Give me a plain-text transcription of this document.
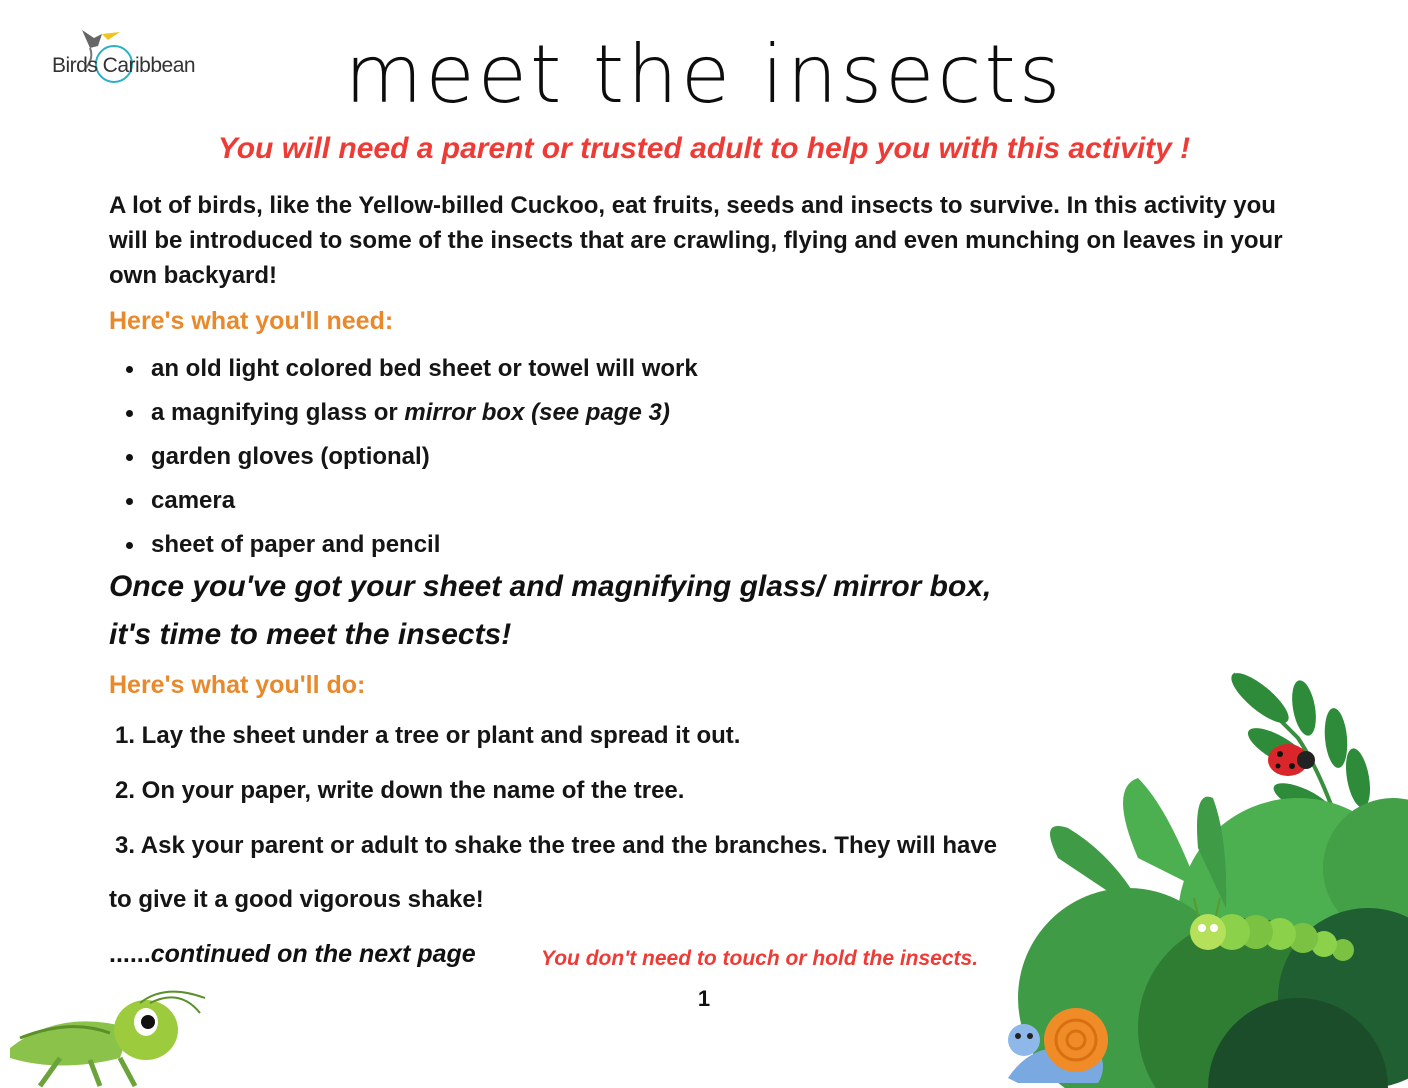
Birds Caribbean	meet the insects
You will need a parent or trusted adult to help you with this activity !
A lot of birds, like the Yellow-billed Cuckoo, eat fruits, seeds and insects to survive. In this activity you will be introduced to some of the insects that are crawling, flying and even munching on leaves in your own backyard!
Here's what you'll need:
an old light colored bed sheet or towel will work
a magnifying glass or mirror box (see page 3)
garden gloves (optional)
camera
sheet of paper and pencil
Once you've got your sheet and magnifying glass/ mirror box,
it's time to meet the insects!
Here's what you'll do:
1. Lay the sheet under a tree or plant and spread it out.
2. On your paper, write down the name of the tree.
3. Ask your parent or adult to shake the tree and the branches. They will have
to give it a good vigorous shake!
......continued on the next page	You don't need to touch or hold the insects.
1
